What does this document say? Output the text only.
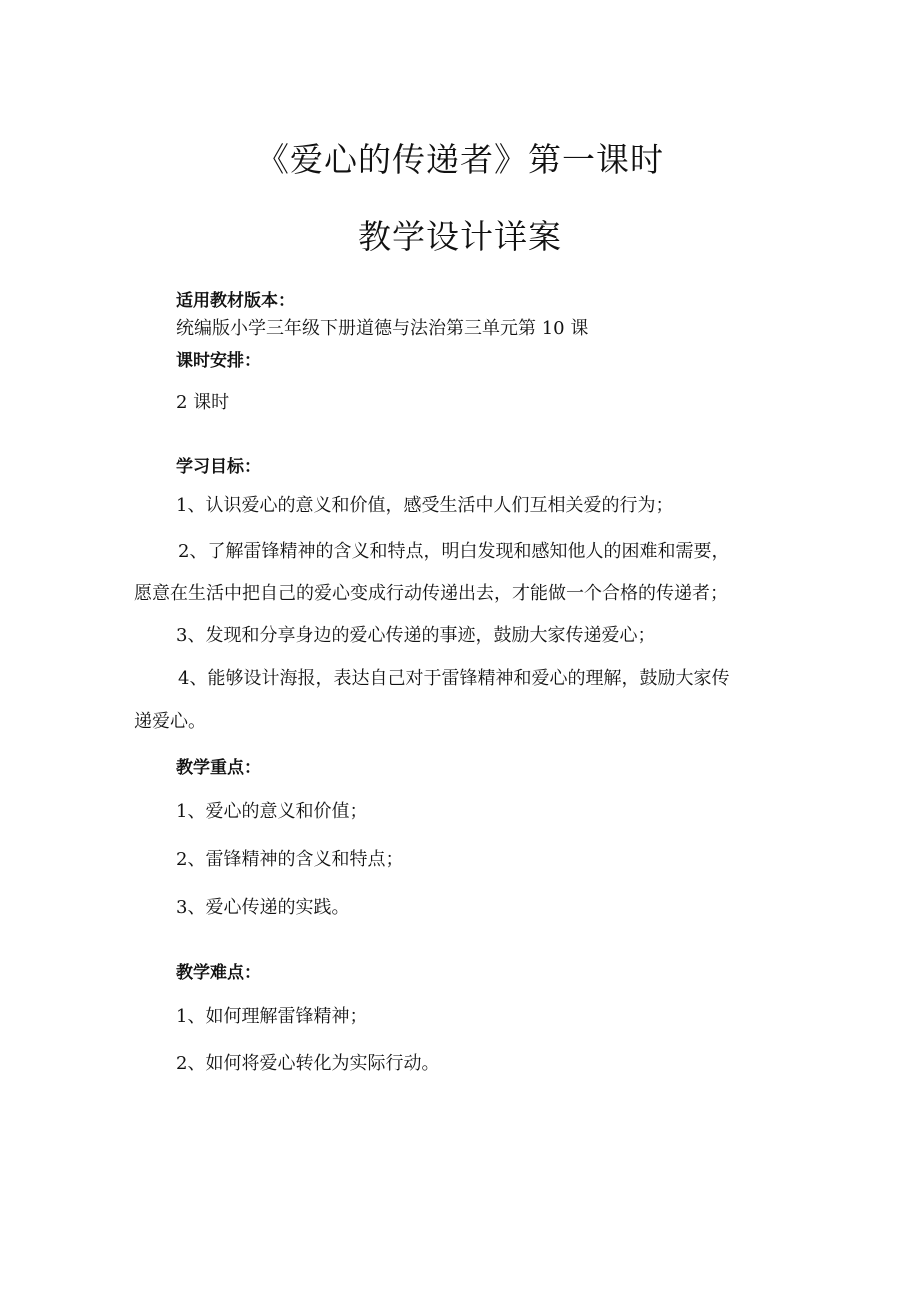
《爱心的传递者》第一课时
教学设计详案
适用教材版本：
统编版小学三年级下册道德与法治第三单元第 10 课
课时安排：
2 课时
学习目标：
1、认识爱心的意义和价值，感受生活中人们互相关爱的行为；
2、了解雷锋精神的含义和特点，明白发现和感知他人的困难和需要，
愿意在生活中把自己的爱心变成行动传递出去，才能做一个合格的传递者；
3、发现和分享身边的爱心传递的事迹，鼓励大家传递爱心；
4、能够设计海报，表达自己对于雷锋精神和爱心的理解，鼓励大家传
递爱心。
教学重点：
1、爱心的意义和价值；
2、雷锋精神的含义和特点；
3、爱心传递的实践。
教学难点：
1、如何理解雷锋精神；
2、如何将爱心转化为实际行动。
